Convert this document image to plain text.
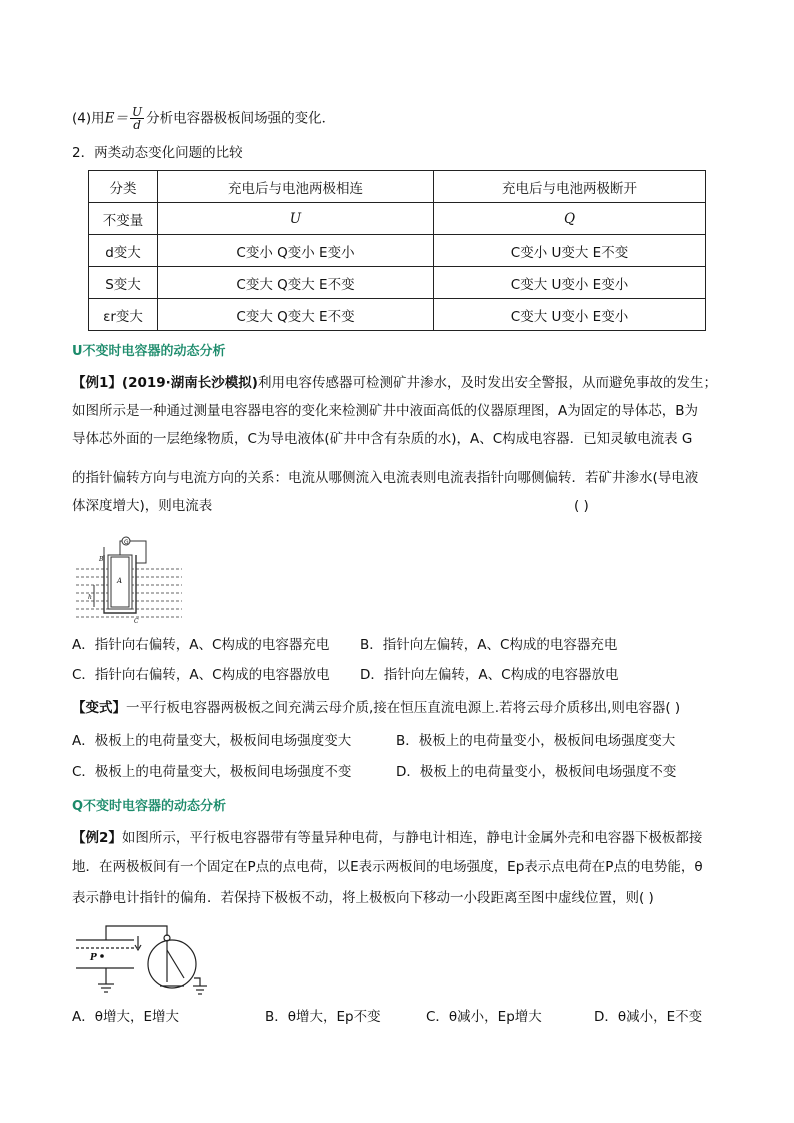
(4)用$E= \frac{U}{d}$ 分析电容器极板间场强的变化．
2．两类动态变化问题的比较
分类	充电后与电池两极相连	充电后与电池两极断开
不变量	U	Q
d变大	C变小 Q变小 E变小	C变小 U变大 E不变
S变大	C变大 Q变大 E不变	C变大 U变小 E变小
εr变大	C变大 Q变大 E不变	C变大 U变小 E变小
U不变时电容器的动态分析
【例1】(2019·湖南长沙模拟)利用电容传感器可检测矿井渗水，及时发出安全警报，从而避免事故的发生；
如图所示是一种通过测量电容器电容的变化来检测矿井中液面高低的仪器原理图，A为固定的导体芯，B为
导体芯外面的一层绝缘物质，C为导电液体(矿井中含有杂质的水)，A、C构成电容器．已知灵敏电流表 G
的指针偏转方向与电流方向的关系：电流从哪侧流入电流表则电流表指针向哪侧偏转．若矿井渗水(导电液
体深度增大)，则电流表	( )
G
A
B
C
h
A．指针向右偏转，A、C构成的电容器充电 B．指针向左偏转，A、C构成的电容器充电
C．指针向右偏转，A、C构成的电容器放电 D．指针向左偏转，A、C构成的电容器放电
【变式】一平行板电容器两极板之间充满云母介质,接在恒压直流电源上.若将云母介质移出,则电容器( )
A．极板上的电荷量变大，极板间电场强度变大	B．极板上的电荷量变小，极板间电场强度变大
C．极板上的电荷量变大，极板间电场强度不变	D．极板上的电荷量变小，极板间电场强度不变
Q不变时电容器的动态分析
【例2】如图所示，平行板电容器带有等量异种电荷，与静电计相连，静电计金属外壳和电容器下极板都接
地．在两极板间有一个固定在P点的点电荷，以E表示两板间的电场强度，Ep表示点电荷在P点的电势能，θ
表示静电计指针的偏角．若保持下极板不动，将上极板向下移动一小段距离至图中虚线位置，则( )
P
A．θ增大，E增大	B．θ增大，Ep不变	C．θ减小，Ep增大	D．θ减小，E不变
